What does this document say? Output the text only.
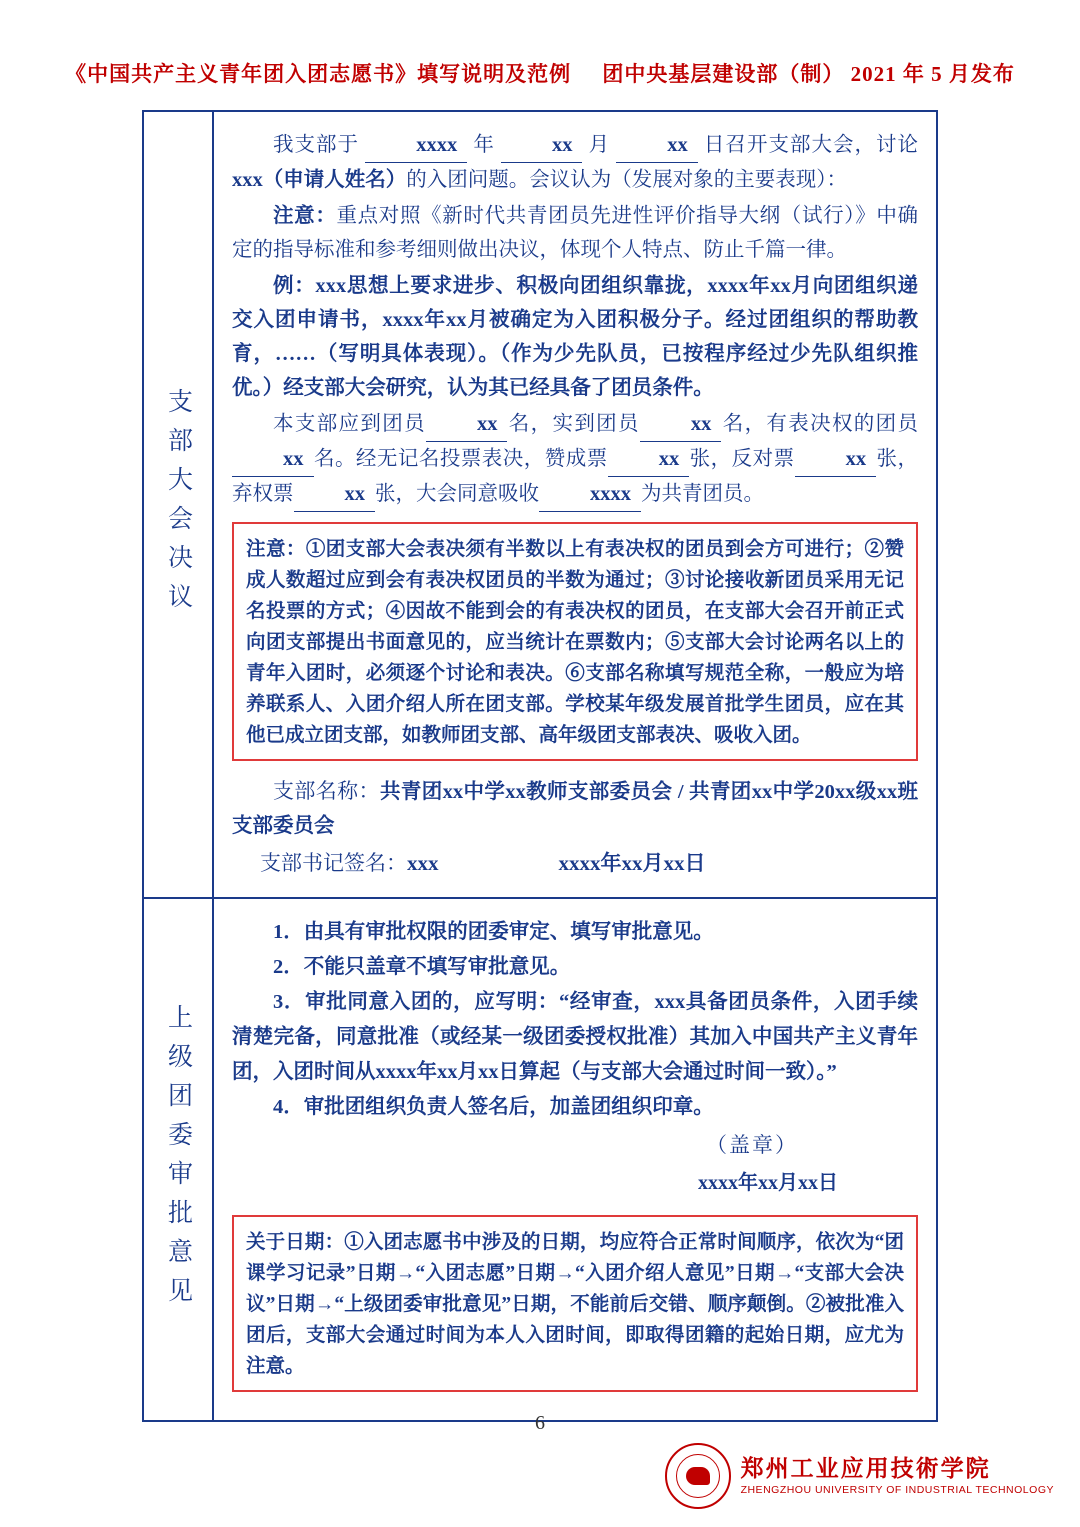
《中国共产主义青年团入团志愿书》填写说明及范例 团中央基层建设部（制） 2021 年 5 月发布
支部大会决议

我支部于 xxxx 年 xx 月 xx 日召开支部大会，讨论xxx（申请人姓名）的入团问题。会议认为（发展对象的主要表现）：

注意：重点对照《新时代共青团员先进性评价指导大纲（试行）》中确定的指导标准和参考细则做出决议，体现个人特点、防止千篇一律。

例：xxx思想上要求进步、积极向团组织靠拢，xxxx年xx月向团组织递交入团申请书，xxxx年xx月被确定为入团积极分子。经过团组织的帮助教育，……（写明具体表现）。（作为少先队员，已按程序经过少先队组织推优。）经支部大会研究，认为其已经具备了团员条件。

本支部应到团员 xx 名，实到团员 xx 名，有表决权的团员xx 名。经无记名投票表决，赞成票 xx 张，反对票 xx 张，弃权票 xx 张，大会同意吸收 xxxx 为共青团员。

注意：①团支部大会表决须有半数以上有表决权的团员到会方可进行；②赞成人数超过应到会有表决权团员的半数为通过；③讨论接收新团员采用无记名投票的方式；④因故不能到会的有表决权的团员，在支部大会召开前正式向团支部提出书面意见的，应当统计在票数内；⑤支部大会讨论两名以上的青年入团时，必须逐个讨论和表决。⑥支部名称填写规范全称，一般应为培养联系人、入团介绍人所在团支部。学校某年级发展首批学生团员，应在其他已成立团支部，如教师团支部、高年级团支部表决、吸收入团。

支部名称：共青团xx中学xx教师支部委员会 / 共青团xx中学20xx级xx班支部委员会

支部书记签名： xxx	xxxx年xx月xx日
上级团委审批意见

1．由具有审批权限的团委审定、填写审批意见。

2．不能只盖章不填写审批意见。

3．审批同意入团的，应写明：“经审查，xxx具备团员条件，入团手续清楚完备，同意批准（或经某一级团委授权批准）其加入中国共产主义青年团，入团时间从xxxx年xx月xx日算起（与支部大会通过时间一致）。”

4．审批团组织负责人签名后，加盖团组织印章。

（盖章）
xxxx年xx月xx日

关于日期：①入团志愿书中涉及的日期，均应符合正常时间顺序，依次为“团课学习记录”日期→“入团志愿”日期→“入团介绍人意见”日期→“支部大会决议”日期→“上级团委审批意见”日期，不能前后交错、顺序颠倒。②被批准入团后，支部大会通过时间为本人入团时间，即取得团籍的起始日期，应尤为注意。

6
郑州工业应用技術学院
ZHENGZHOU UNIVERSITY OF INDUSTRIAL TECHNOLOGY
